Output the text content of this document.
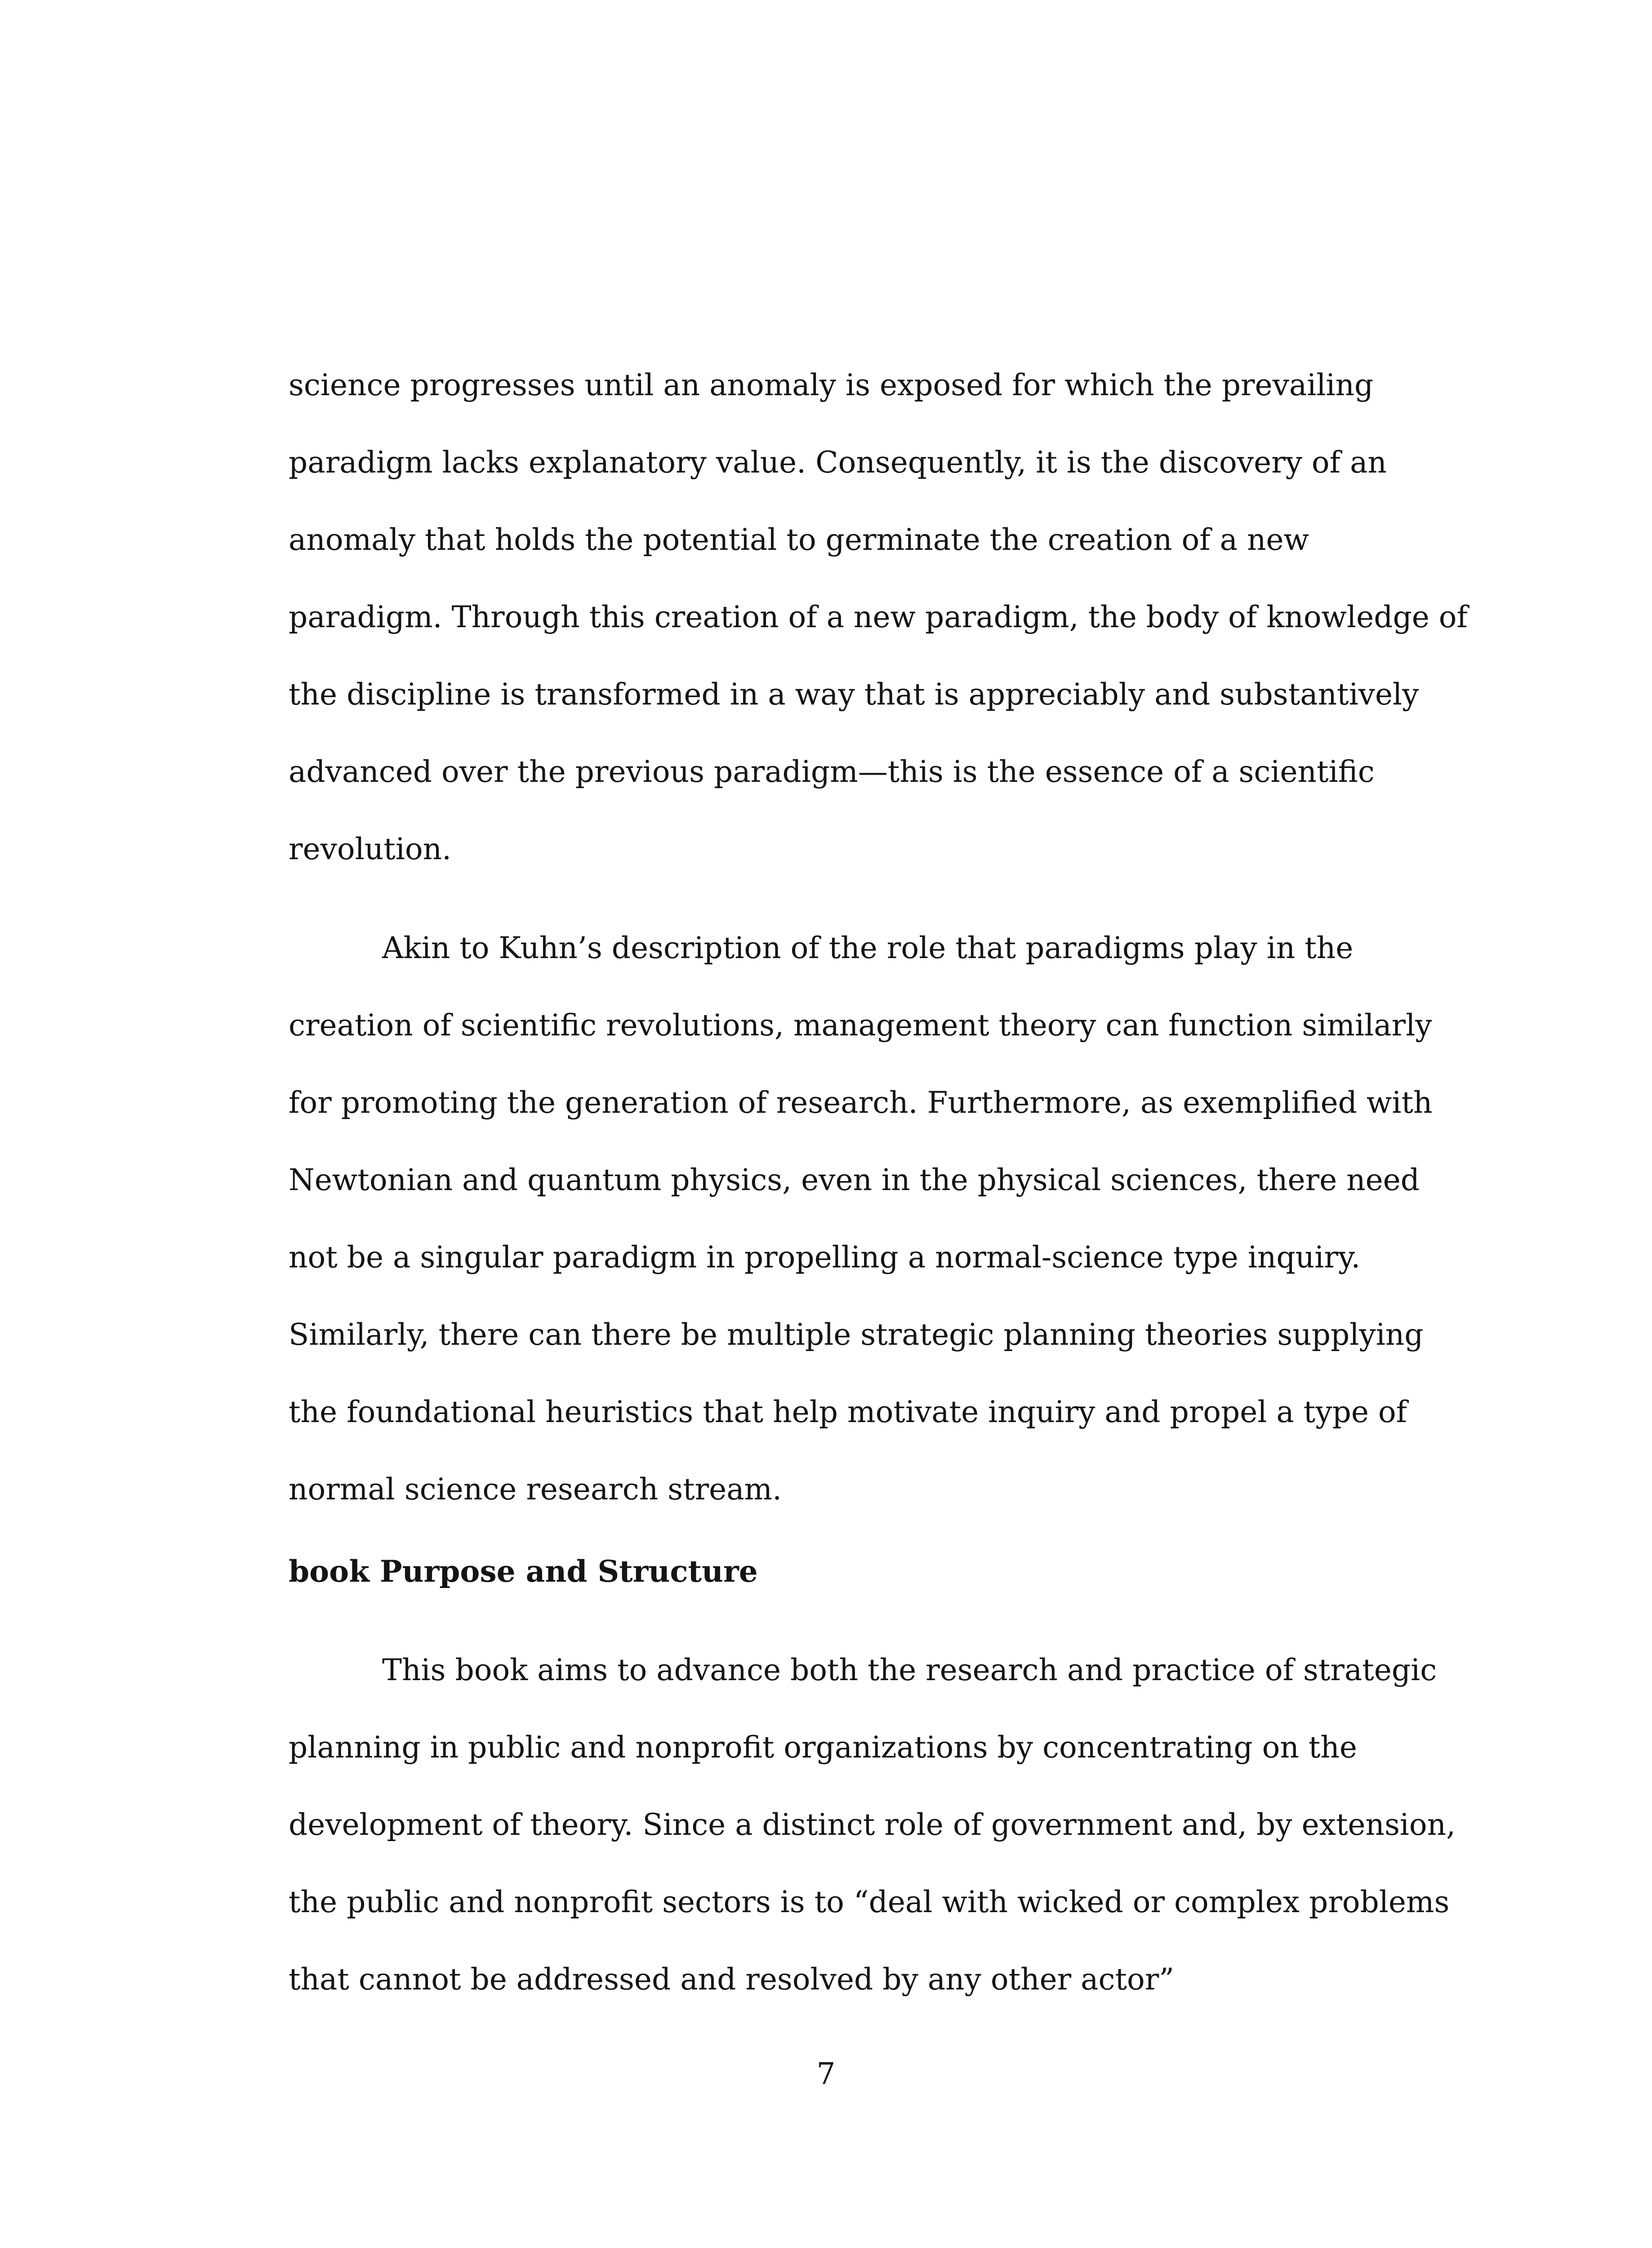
science progresses until an anomaly is exposed for which the prevailing

paradigm lacks explanatory value. Consequently, it is the discovery of an

anomaly that holds the potential to germinate the creation of a new

paradigm. Through this creation of a new paradigm, the body of knowledge of

the discipline is transformed in a way that is appreciably and substantively

advanced over the previous paradigm—this is the essence of a scientific

revolution.

Akin to Kuhn’s description of the role that paradigms play in the

creation of scientific revolutions, management theory can function similarly

for promoting the generation of research. Furthermore, as exemplified with

Newtonian and quantum physics, even in the physical sciences, there need

not be a singular paradigm in propelling a normal-science type inquiry.

Similarly, there can there be multiple strategic planning theories supplying

the foundational heuristics that help motivate inquiry and propel a type of

normal science research stream.

book Purpose and Structure

This book aims to advance both the research and practice of strategic

planning in public and nonprofit organizations by concentrating on the

development of theory. Since a distinct role of government and, by extension,

the public and nonprofit sectors is to “deal with wicked or complex problems

that cannot be addressed and resolved by any other actor”

7
